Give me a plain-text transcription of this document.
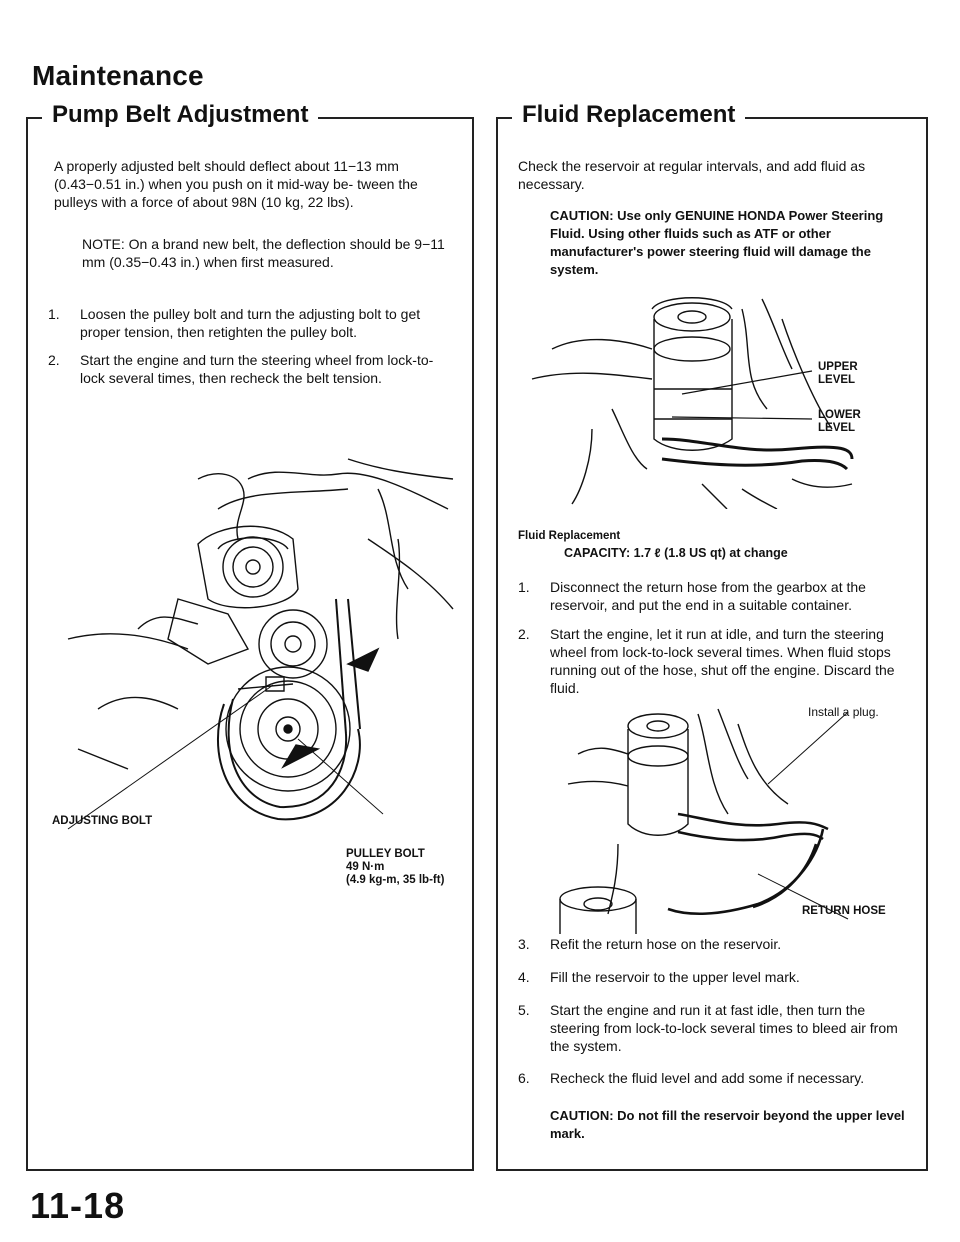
Maintenance
Pump Belt Adjustment
A properly adjusted belt should deflect about 11−13 mm (0.43−0.51 in.) when you push on it mid-way be- tween the pulleys with a force of about 98N (10 kg, 22 lbs).
NOTE: On a brand new belt, the deflection should be 9−11 mm (0.35−0.43 in.) when first measured.
1. Loosen the pulley bolt and turn the adjusting bolt to get proper tension, then retighten the pulley bolt.
2. Start the engine and turn the steering wheel from lock-to-lock several times, then recheck the belt tension.
ADJUSTING BOLT
PULLEY BOLT
49 N·m
(4.9 kg-m, 35 lb-ft)
Fluid Replacement
Check the reservoir at regular intervals, and add fluid as necessary.
CAUTION: Use only GENUINE HONDA Power Steering Fluid. Using other fluids such as ATF or other manufacturer's power steering fluid will damage the system.
UPPER
LEVEL
LOWER
LEVEL
Fluid Replacement
CAPACITY: 1.7 ℓ (1.8 US qt) at change
1. Disconnect the return hose from the gearbox at the reservoir, and put the end in a suitable container.
2. Start the engine, let it run at idle, and turn the steering wheel from lock-to-lock several times. When fluid stops running out of the hose, shut off the engine. Discard the fluid.
Install a plug.
RETURN HOSE
3. Refit the return hose on the reservoir.
4. Fill the reservoir to the upper level mark.
5. Start the engine and run it at fast idle, then turn the steering from lock-to-lock several times to bleed air from the system.
6. Recheck the fluid level and add some if necessary.
CAUTION: Do not fill the reservoir beyond the upper level mark.
11-18
